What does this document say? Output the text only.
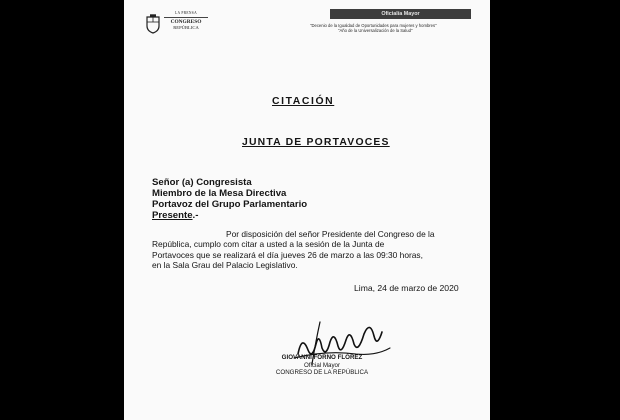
LA PRENSA
CONGRESO
REPÚBLICA
Oficialía Mayor
"Decenio de la Igualdad de Oportunidades para mujeres y hombres"
"Año de la Universalización de la Salud"
CITACIÓN
JUNTA DE PORTAVOCES
Señor (a) Congresista
Miembro de la Mesa Directiva
Portavoz del Grupo Parlamentario
Presente.-
Por disposición del señor Presidente del Congreso de la
República, cumplo com citar a usted a la sesión de la Junta de
Portavoces que se realizará el día jueves 26 de marzo a las 09:30 horas,
en la Sala Grau del Palacio Legislativo.
Lima, 24 de marzo de 2020
GIOVANNI FORNO FLÓREZ
Oficial Mayor
CONGRESO DE LA REPÚBLICA
